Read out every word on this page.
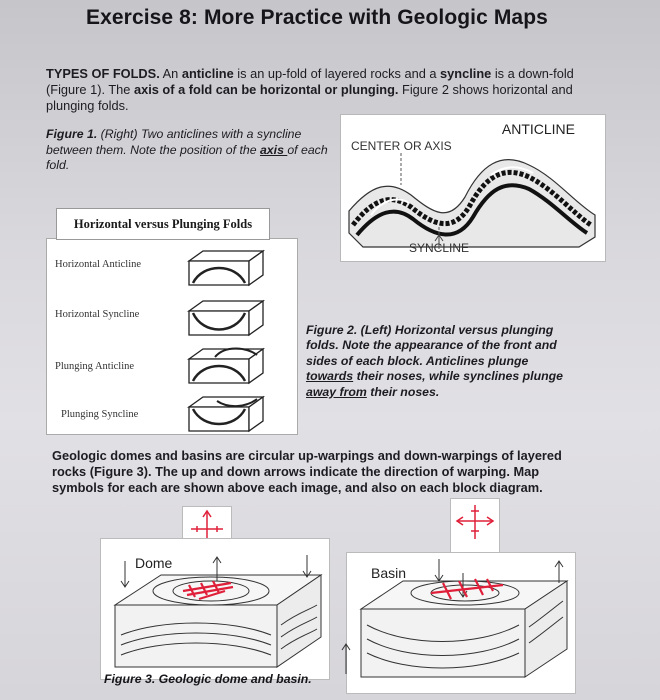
Exercise 8: More Practice with Geologic Maps
TYPES OF FOLDS. An anticline is an up-fold of layered rocks and a syncline is a down-fold (Figure 1). The axis of a fold can be horizontal or plunging. Figure 2 shows horizontal and plunging folds.
Figure 1. (Right) Two anticlines with a syncline between them. Note the position of the axis of each fold.
ANTICLINE
CENTER OR AXIS
SYNCLINE
Horizontal Anticline
Horizontal Syncline
Plunging Anticline
Plunging Syncline
Horizontal versus Plunging Folds
Figure 2. (Left) Horizontal versus plunging folds. Note the appearance of the front and sides of each block. Anticlines plunge towards their noses, while synclines plunge away from their noses.
Geologic domes and basins are circular up-warpings and down-warpings of layered rocks (Figure 3). The up and down arrows indicate the direction of warping. Map symbols for each are shown above each image, and also on each block diagram.
Dome
Basin
Figure 3. Geologic dome and basin.
